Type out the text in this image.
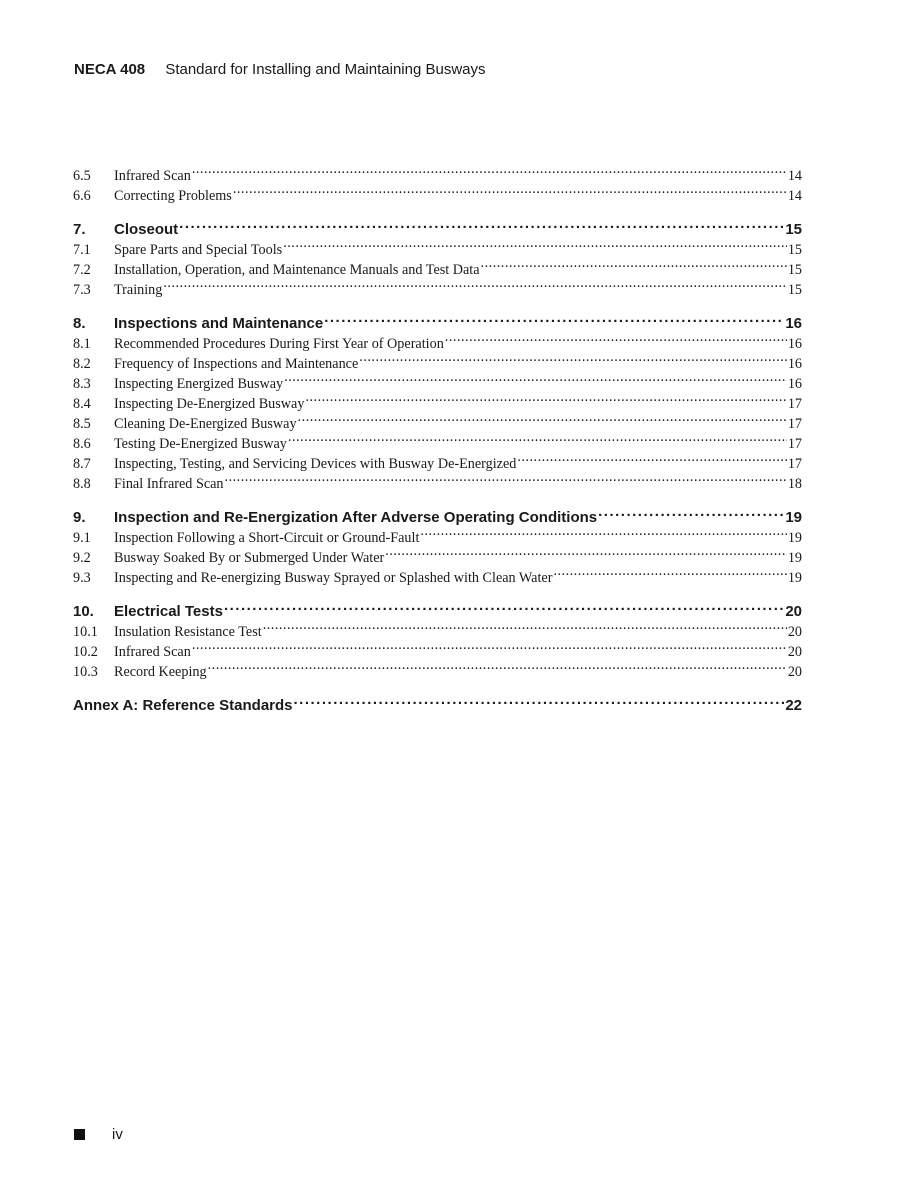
NECA 408 Standard for Installing and Maintaining Busways
6.5	Infrared Scan .....	14
6.6	Correcting Problems .....	14
7.	Closeout .....	15
7.1	Spare Parts and Special Tools .....	15
7.2	Installation, Operation, and Maintenance Manuals and Test Data .....	15
7.3	Training .....	15
8.	Inspections and Maintenance .....	16
8.1	Recommended Procedures During First Year of Operation .....	16
8.2	Frequency of Inspections and Maintenance .....	16
8.3	Inspecting Energized Busway .....	16
8.4	Inspecting De-Energized Busway .....	17
8.5	Cleaning De-Energized Busway .....	17
8.6	Testing De-Energized Busway .....	17
8.7	Inspecting, Testing, and Servicing Devices with Busway De-Energized .....	17
8.8	Final Infrared Scan .....	18
9.	Inspection and Re-Energization After Adverse Operating Conditions .....	19
9.1	Inspection Following a Short-Circuit or Ground-Fault .....	19
9.2	Busway Soaked By or Submerged Under Water .....	19
9.3	Inspecting and Re-energizing Busway Sprayed or Splashed with Clean Water .....	19
10.	Electrical Tests .....	20
10.1	Insulation Resistance Test .....	20
10.2	Infrared Scan .....	20
10.3	Record Keeping .....	20
Annex A: Reference Standards .....	22
iv
